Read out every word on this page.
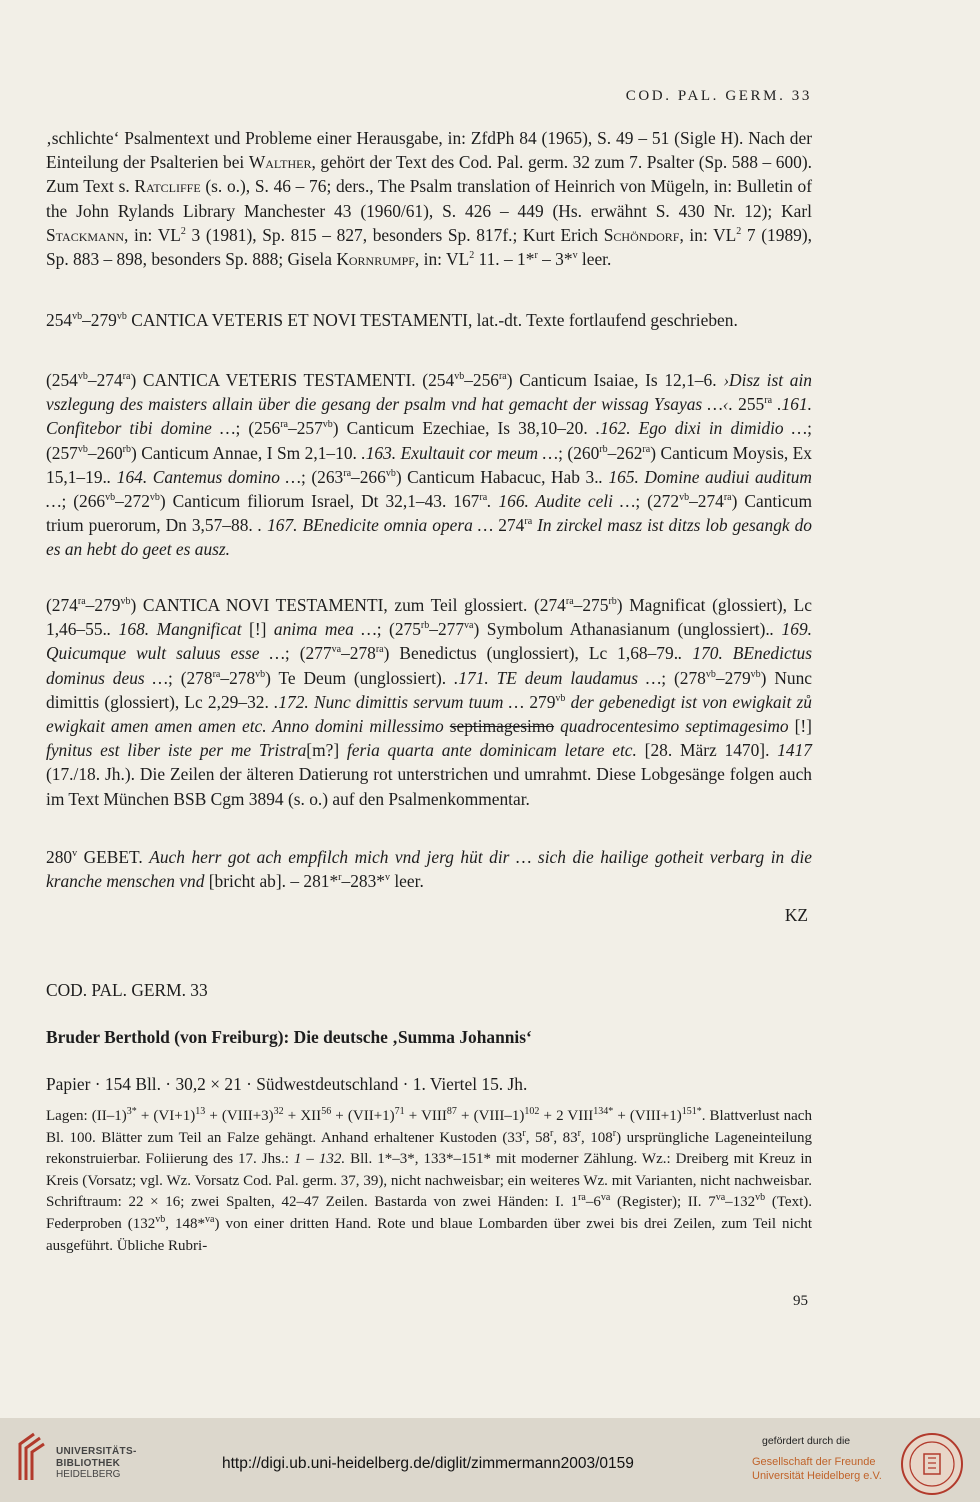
COD. PAL. GERM. 33

‚schlichte‘ Psalmentext und Probleme einer Herausgabe, in: ZfdPh 84 (1965), S. 49 – 51 (Sigle H). Nach der Einteilung der Psalterien bei Walther, gehört der Text des Cod. Pal. germ. 32 zum 7. Psalter (Sp. 588 – 600). Zum Text s. Ratcliffe (s. o.), S. 46 – 76; ders., The Psalm translation of Heinrich von Mügeln, in: Bulletin of the John Rylands Library Manchester 43 (1960/61), S. 426 – 449 (Hs. erwähnt S. 430 Nr. 12); Karl Stackmann, in: $VL^2$ 3 (1981), Sp. 815 – 827, besonders Sp. 817f.; Kurt Erich Schöndorf, in: $VL^2$ 7 (1989), Sp. 883 – 898, besonders Sp. 888; Gisela Kornrumpf, in: $VL^2$ 11. – 1*$^r$ – 3*$^v$ leer.

$254^{vb}-279^{vb}$ CANTICA VETERIS ET NOVI TESTAMENTI, lat.-dt. Texte fortlaufend geschrieben.

$(254^{vb}-274^{ra})$ CANTICA VETERIS TESTAMENTI. $(254^{vb}-256^{ra})$ Canticum Isaiae, Is 12,1–6. ›Disz ist ain vszlegung des maisters allain über die gesang der psalm vnd hat gemacht der wissag Ysayas …‹. $255^{ra}$ .161. Confitebor tibi domine …; $(256^{ra}-257^{vb})$ Canticum Ezechiae, Is 38,10–20. .162. Ego dixi in dimidio …; $(257^{vb}-260^{rb})$ Canticum Annae, I Sm 2,1–10. .163. Exultauit cor meum …; $(260^{rb}-262^{ra})$ Canticum Moysis, Ex 15,1–19.. 164. Cantemus domino …; $(263^{ra}-266^{vb})$ Canticum Habacuc, Hab 3.. 165. Domine audiui auditum …; $(266^{vb}-272^{vb})$ Canticum filiorum Israel, Dt 32,1–43. $167^{ra}$. 166. Audite celi …; $(272^{vb}-274^{ra})$ Canticum trium puerorum, Dn 3,57–88. . 167. BEnedicite omnia opera … $274^{ra}$ In zirckel masz ist ditzs lob gesangk do es an hebt do geet es ausz.

$(274^{ra}-279^{vb})$ CANTICA NOVI TESTAMENTI, zum Teil glossiert. $(274^{ra}-275^{rb})$ Magnificat (glossiert), Lc 1,46–55.. 168. Mangnificat [!] anima mea …; $(275^{rb}-277^{va})$ Symbolum Athanasianum (unglossiert).. 169. Quicumque wult saluus esse …; $(277^{va}-278^{ra})$ Benedictus (unglossiert), Lc 1,68–79.. 170. BEnedictus dominus deus …; $(278^{ra}-278^{vb})$ Te Deum (unglossiert). .171. TE deum laudamus …; $(278^{vb}-279^{vb})$ Nunc dimittis (glossiert), Lc 2,29–32. .172. Nunc dimittis servum tuum … $279^{vb}$ der gebenedigt ist von ewigkait zů ewigkait amen amen amen etc. Anno domini millessimo septimagesimo quadrocentesimo septimagesimo [!] fynitus est liber iste per me Tristra[m?] feria quarta ante dominicam letare etc. [28. März 1470]. 1417 (17./18. Jh.). Die Zeilen der älteren Datierung rot unterstrichen und umrahmt. Diese Lobgesänge folgen auch im Text München BSB Cgm 3894 (s. o.) auf den Psalmenkommentar.

280$^v$ GEBET. Auch herr got ach empfilch mich vnd jerg hüt dir … sich die hailige gotheit verbarg in die kranche menschen vnd [bricht ab]. – 281*$^r$–283*$^v$ leer.

KZ
COD. PAL. GERM. 33
Bruder Berthold (von Freiburg): Die deutsche ‚Summa Johannis‘
Papier · 154 Bll. · 30,2 × 21 · Südwestdeutschland · 1. Viertel 15. Jh.

Lagen: $(II-1)^{3*} + (VI+1)^{13}$ + (VIII+3)$^{32}$ + $XII^{56} + (VII+1)^{71}$ + $VIII^{87}$ + (VIII–1)$^{102}$ + 2 $VIII^{134*}$ + (VIII+1)$^{151*}$. Blattverlust nach Bl. 100. Blätter zum Teil an Falze gehängt. Anhand erhaltener Kustoden (33$^r$, 58$^r$, 83$^r$, 108$^r$) ursprüngliche Lageneinteilung rekonstruierbar. Foliierung des 17. Jhs.: 1 – 132. Bll. 1*–3*, 133*–151* mit moderner Zählung. Wz.: Dreiberg mit Kreuz in Kreis (Vorsatz; vgl. Wz. Vorsatz Cod. Pal. germ. 37, 39), nicht nachweisbar; ein weiteres Wz. mit Varianten, nicht nachweisbar. Schriftraum: 22 × 16; zwei Spalten, 42–47 Zeilen. Bastarda von zwei Händen: I. $1^{ra}-6^{va}$ (Register); II. $7^{va}-132^{vb}$ (Text). Federproben ($132^{vb}$, 148*$^{va}$) von einer dritten Hand. Rote und blaue Lombarden über zwei bis drei Zeilen, zum Teil nicht ausgeführt. Übliche Rubri-

95
UNIVERSITÄTS-
BIBLIOTHEK
HEIDELBERG
http://digi.ub.uni-heidelberg.de/diglit/zimmermann2003/0159
gefördert durch die
Gesellschaft der Freunde
Universität Heidelberg e.V.
